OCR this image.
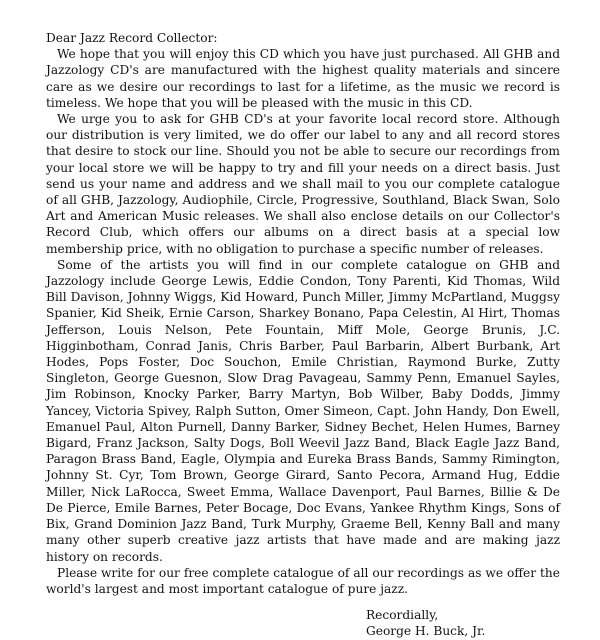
Dear Jazz Record Collector:

We hope that you will enjoy this CD which you have just purchased. All GHB and Jazzology CD's are manufactured with the highest quality materials and sincere care as we desire our recordings to last for a lifetime, as the music we record is timeless. We hope that you will be pleased with the music in this CD.

We urge you to ask for GHB CD's at your favorite local record store. Although our distribution is very limited, we do offer our label to any and all record stores that desire to stock our line. Should you not be able to secure our recordings from your local store we will be happy to try and fill your needs on a direct basis. Just send us your name and address and we shall mail to you our complete catalogue of all GHB, Jazzology, Audiophile, Circle, Progressive, Southland, Black Swan, Solo Art and American Music releases. We shall also enclose details on our Collector's Record Club, which offers our albums on a direct basis at a special low membership price, with no obligation to purchase a specific number of releases.

Some of the artists you will find in our complete catalogue on GHB and Jazzology include George Lewis, Eddie Condon, Tony Parenti, Kid Thomas, Wild Bill Davison, Johnny Wiggs, Kid Howard, Punch Miller, Jimmy McPartland, Muggsy Spanier, Kid Sheik, Ernie Carson, Sharkey Bonano, Papa Celestin, Al Hirt, Thomas Jefferson, Louis Nelson, Pete Fountain, Miff Mole, George Brunis, J.C. Higginbotham, Conrad Janis, Chris Barber, Paul Barbarin, Albert Burbank, Art Hodes, Pops Foster, Doc Souchon, Emile Christian, Raymond Burke, Zutty Singleton, George Guesnon, Slow Drag Pavageau, Sammy Penn, Emanuel Sayles, Jim Robinson, Knocky Parker, Barry Martyn, Bob Wilber, Baby Dodds, Jimmy Yancey, Victoria Spivey, Ralph Sutton, Omer Simeon, Capt. John Handy, Don Ewell, Emanuel Paul, Alton Purnell, Danny Barker, Sidney Bechet, Helen Humes, Barney Bigard, Franz Jackson, Salty Dogs, Boll Weevil Jazz Band, Black Eagle Jazz Band, Paragon Brass Band, Eagle, Olympia and Eureka Brass Bands, Sammy Rimington, Johnny St. Cyr, Tom Brown, George Girard, Santo Pecora, Armand Hug, Eddie Miller, Nick LaRocca, Sweet Emma, Wallace Davenport, Paul Barnes, Billie & De De Pierce, Emile Barnes, Peter Bocage, Doc Evans, Yankee Rhythm Kings, Sons of Bix, Grand Dominion Jazz Band, Turk Murphy, Graeme Bell, Kenny Ball and many many other superb creative jazz artists that have made and are making jazz history on records.

Please write for our free complete catalogue of all our recordings as we offer the world's largest and most important catalogue of pure jazz.

Recordially,
George H. Buck, Jr.
